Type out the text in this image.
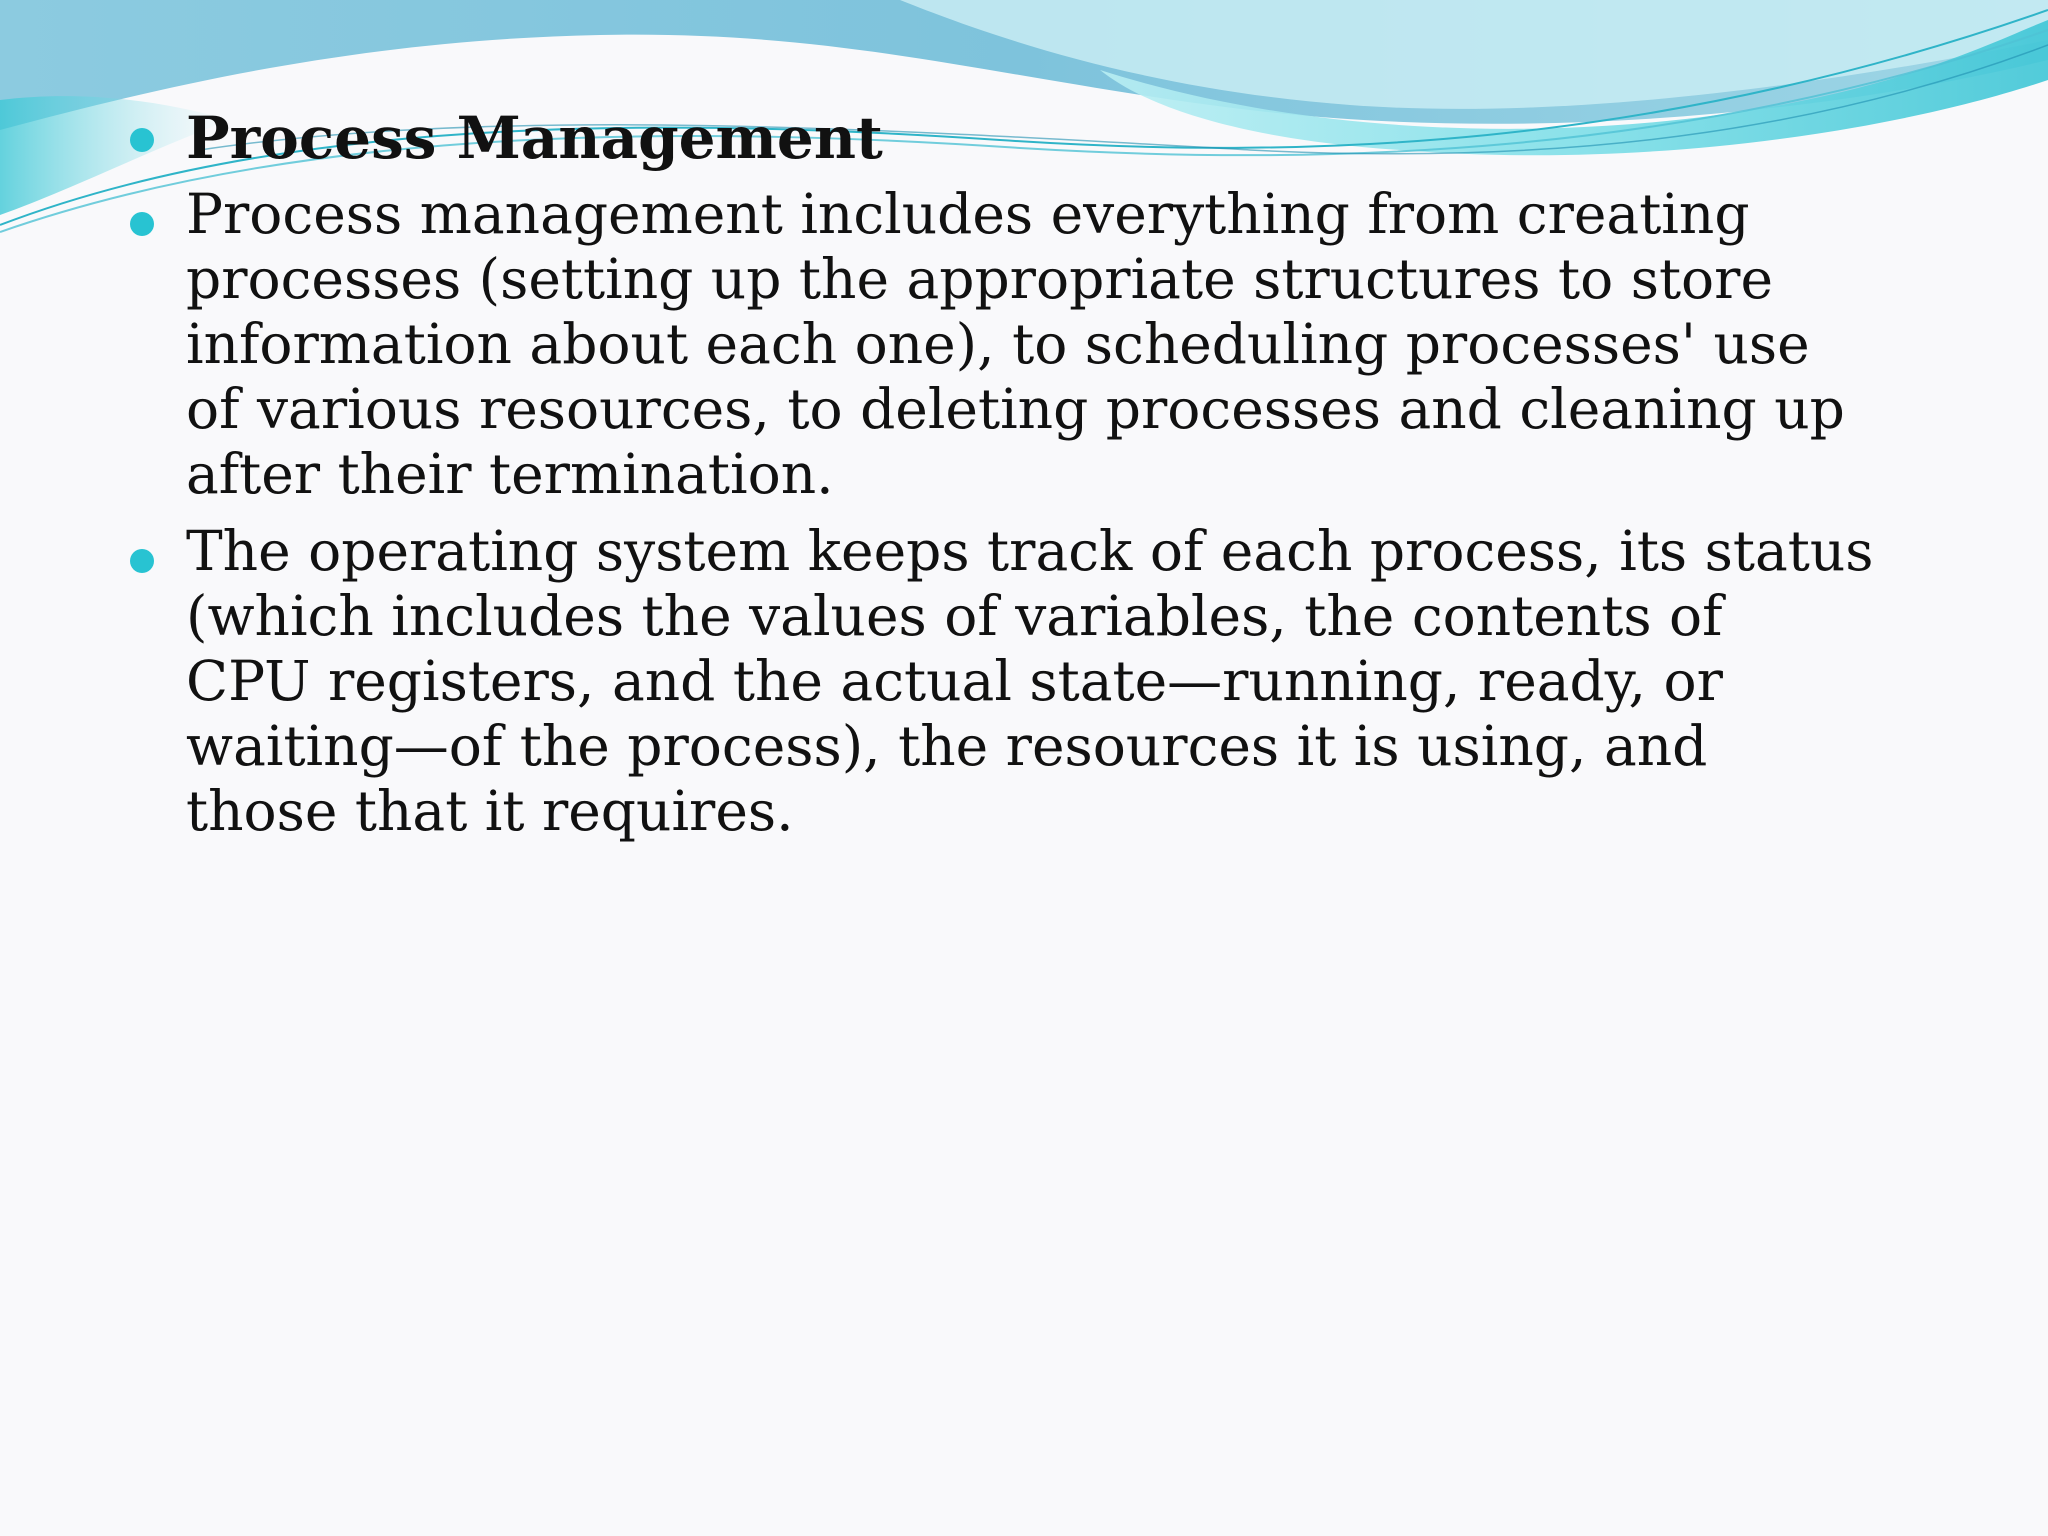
Process Management
Process management includes everything from creating
processes (setting up the appropriate structures to store
information about each one), to scheduling processes' use
of various resources, to deleting processes and cleaning up
after their termination.
The operating system keeps track of each process, its status
(which includes the values of variables, the contents of
CPU registers, and the actual state—running, ready, or
waiting—of the process), the resources it is using, and
those that it requires.
